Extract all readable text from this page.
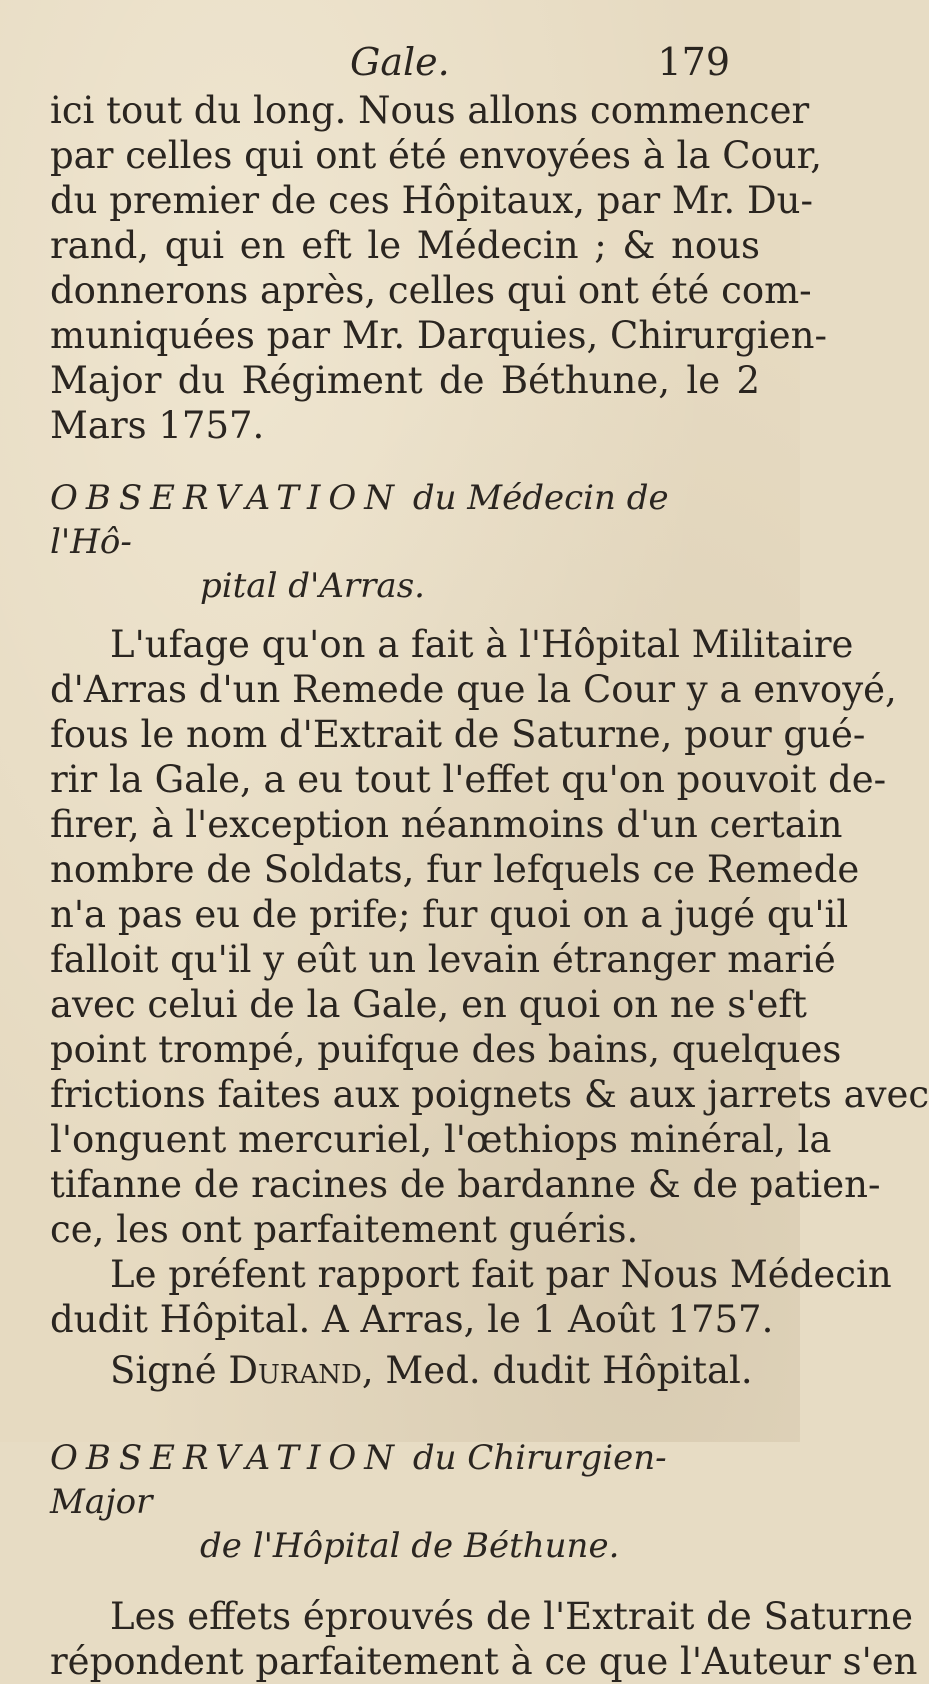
Gale.	179
ici tout du long. Nous allons commencer
par celles qui ont été envoyées à la Cour,
du premier de ces Hôpitaux, par Mr. Du-
rand, qui en eft le Médecin ; & nous
donnerons après, celles qui ont été com-
muniquées par Mr. Darquies, Chirurgien-
Major du Régiment de Béthune, le 2
Mars 1757.
OBSERVATION du Médecin de l'Hô-
pital d'Arras.
L'ufage qu'on a fait à l'Hôpital Militaire
d'Arras d'un Remede que la Cour y a envoyé,
fous le nom d'Extrait de Saturne, pour gué-
rir la Gale, a eu tout l'effet qu'on pouvoit de-
firer, à l'exception néanmoins d'un certain
nombre de Soldats, fur lefquels ce Remede
n'a pas eu de prife; fur quoi on a jugé qu'il
falloit qu'il y eût un levain étranger marié
avec celui de la Gale, en quoi on ne s'eft
point trompé, puifque des bains, quelques
frictions faites aux poignets & aux jarrets avec
l'onguent mercuriel, l'œthiops minéral, la
tifanne de racines de bardanne & de patien-
ce, les ont parfaitement guéris.
Le préfent rapport fait par Nous Médecin
dudit Hôpital. A Arras, le 1 Août 1757.
Signé Durand, Med. dudit Hôpital.
OBSERVATION du Chirurgien-Major
de l'Hôpital de Béthune.
Les effets éprouvés de l'Extrait de Saturne
répondent parfaitement à ce que l'Auteur s'en
